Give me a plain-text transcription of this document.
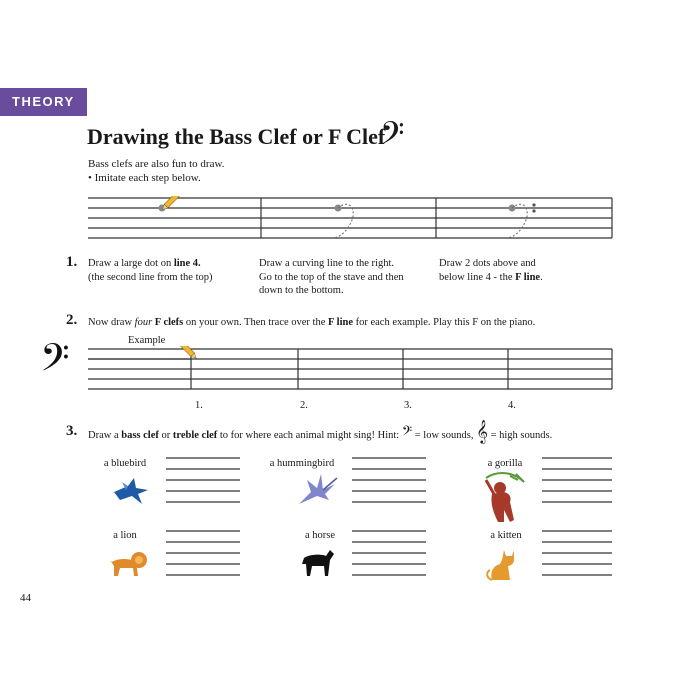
THEORY
Drawing the Bass Clef or F Clef
𝄢
Bass clefs are also fun to draw.
• Imitate each step below.
1. Draw a large dot on line 4.
(the second line from the top)
Draw a curving line to the right.
Go to the top of the stave and then
down to the bottom.
Draw 2 dots above and
below line 4 - the F line.
2. Now draw four F clefs on your own. Then trace over the F line for each example. Play this F on the piano.
Example
𝄢
1.	2.	3.	4.
3. Draw a bass clef or treble clef to for where each animal might sing! Hint: 𝄢 = low sounds, 𝄞 = high sounds.
a bluebird	a hummingbird	a gorilla
a lion	a horse	a kitten
44
